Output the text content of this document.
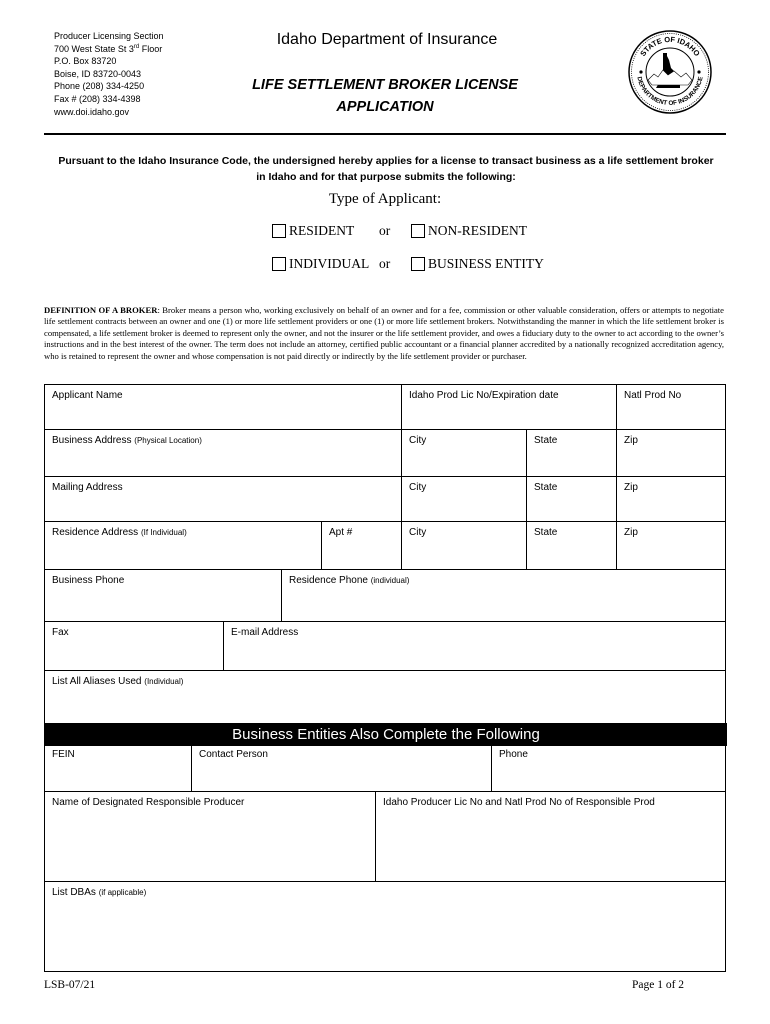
Producer Licensing Section
700 West State St 3rd Floor
P.O. Box 83720
Boise, ID 83720-0043
Phone (208) 334-4250
Fax # (208) 334-4398
www.doi.idaho.gov
Idaho Department of Insurance
LIFE SETTLEMENT BROKER LICENSE
APPLICATION
STATE OF IDAHO
DEPARTMENT OF INSURANCE
Pursuant to the Idaho Insurance Code, the undersigned hereby applies for a license to transact business as a life settlement broker in Idaho and for that purpose submits the following:
Type of Applicant:
RESIDENT or	NON-RESIDENT
INDIVIDUAL or	BUSINESS ENTITY
DEFINITION OF A BROKER: Broker means a person who, working exclusively on behalf of an owner and for a fee, commission or other valuable consideration, offers or attempts to negotiate life settlement contracts between an owner and one (1) or more life settlement providers or one (1) or more life settlement brokers. Notwithstanding the manner in which the life settlement broker is compensated, a life settlement broker is deemed to represent only the owner, and not the insurer or the life settlement provider, and owes a fiduciary duty to the owner to act according to the owner’s instructions and in the best interest of the owner. The term does not include an attorney, certified public accountant or a financial planner accredited by a nationally recognized accreditation agency, who is retained to represent the owner and whose compensation is not paid directly or indirectly by the life settlement provider or purchaser.
Applicant Name	Idaho Prod Lic No/Expiration date	Natl Prod No
Business Address (Physical Location)	City	State	Zip
Mailing Address	City	State	Zip
Residence Address (If Individual)	Apt #	City	State	Zip
Business Phone	Residence Phone (individual)
Fax	E-mail Address
List All Aliases Used (Individual)
Business Entities Also Complete the Following
FEIN	Contact Person	Phone
Name of Designated Responsible Producer	Idaho Producer Lic No and Natl Prod No of Responsible Prod
List DBAs (if applicable)
LSB-07/21	Page 1 of 2
